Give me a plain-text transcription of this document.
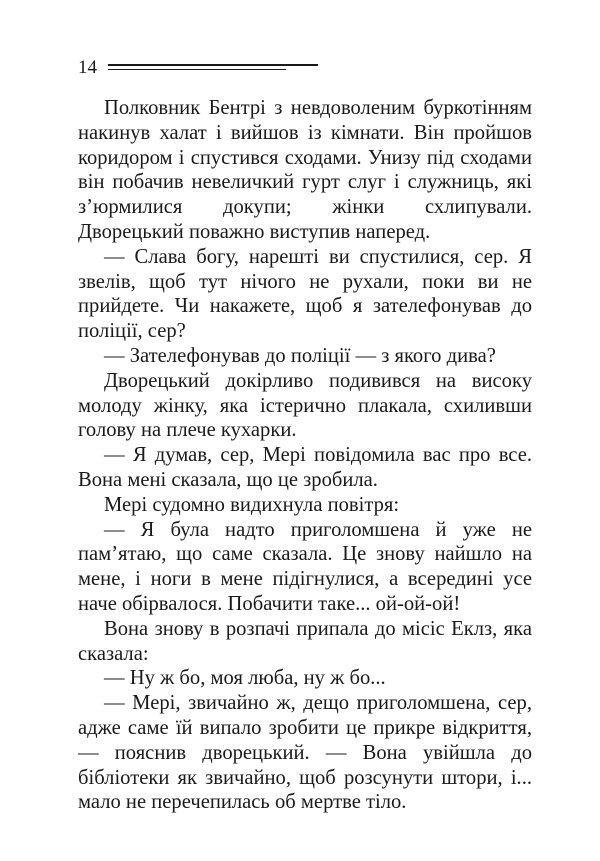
14

Полковник Бентрі з невдоволеним буркотінням накинув халат і вийшов із кімнати. Він пройшов коридором і спустився сходами. Унизу під сходами він побачив невеличкий гурт слуг і служниць, які з’юрмилися докупи; жінки схлипували. Дворецький поважно виступив наперед.

— Слава богу, нарешті ви спустилися, сер. Я звелів, щоб тут нічого не рухали, поки ви не прийдете. Чи накажете, щоб я зателефонував до поліції, сер?

— Зателефонував до поліції — з якого дива?

Дворецький докірливо подивився на високу молоду жінку, яка істерично плакала, схиливши голову на плече кухарки.

— Я думав, сер, Мері повідомила вас про все. Вона мені сказала, що це зробила.

Мері судомно видихнула повітря:

— Я була надто приголомшена й уже не пам’ятаю, що саме сказала. Це знову найшло на мене, і ноги в мене підігнулися, а всередині усе наче обірвалося. Побачити таке... ой-ой-ой!

Вона знову в розпачі припала до місіс Еклз, яка сказала:

— Ну ж бо, моя люба, ну ж бо...

— Мері, звичайно ж, дещо приголомшена, сер, адже саме їй випало зробити це прикре відкриття, — пояснив дворецький. — Вона увійшла до бібліотеки як звичайно, щоб розсунути штори, і... мало не перечепилась об мертве тіло.
